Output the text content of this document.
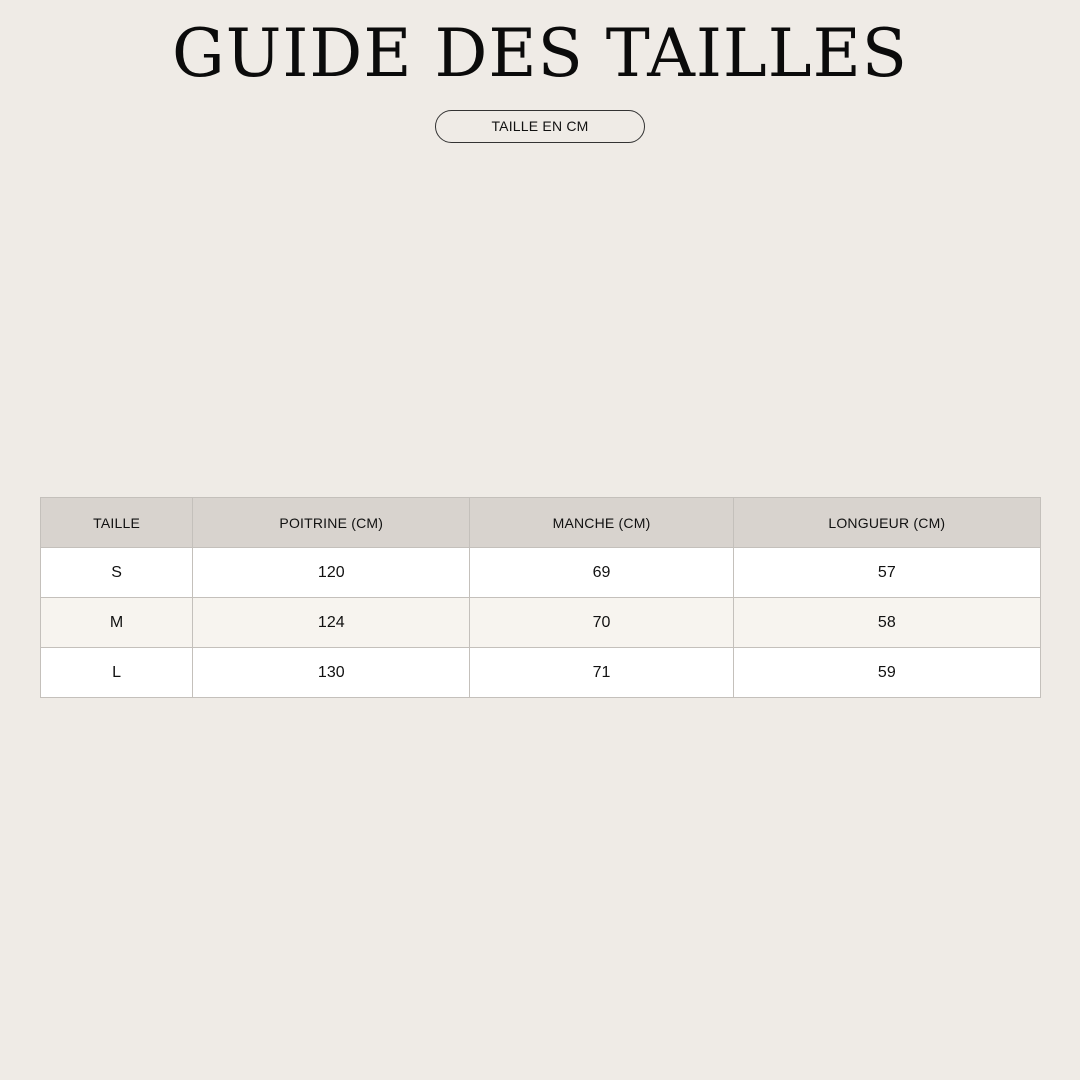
GUIDE DES TAILLES
TAILLE EN CM
TAILLE	POITRINE (CM)	MANCHE (CM)	LONGUEUR (CM)
S	120	69	57
M	124	70	58
L	130	71	59
